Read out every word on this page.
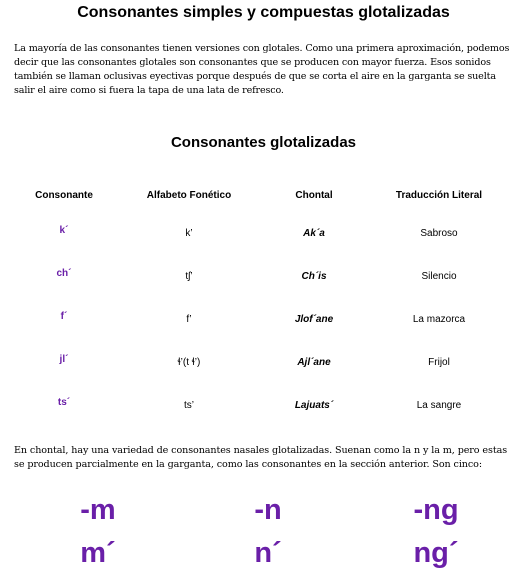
Consonantes simples y compuestas glotalizadas

La mayoría de las consonantes tienen versiones con glotales. Como una primera aproximación, podemos decir que las consonantes glotales son consonantes que se producen con mayor fuerza. Esos sonidos también se llaman oclusivas eyectivas porque después de que se corta el aire en la garganta se suelta salir el aire como si fuera la tapa de una lata de refresco.

Consonantes glotalizadas
Consonante	Alfabeto Fonético	Chontal	Traducción Literal
k´	k’	Ak´a	Sabroso
ch´	tʃ’	Ch´is	Silencio
f´	f’	Jlof´ane	La mazorca
jl´	ɬ’(t ɬ’)	Ajl´ane	Frijol
ts´	ts’	Lajuats´	La sangre

En chontal, hay una variedad de consonantes nasales glotalizadas. Suenan como la n y la m, pero estas se producen parcialmente en la garganta, como las consonantes en la sección anterior. Son cinco:

-m	-n	-ng
m´	n´	ng´
